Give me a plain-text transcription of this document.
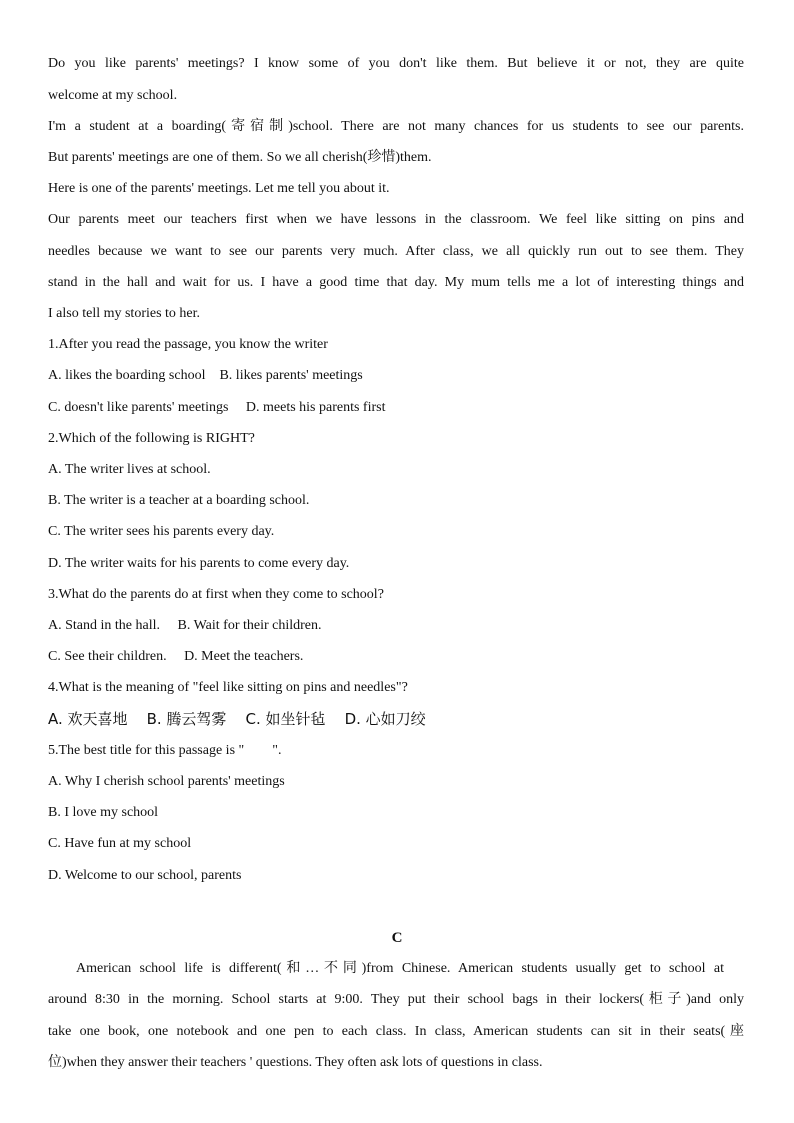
Do you like parents' meetings? I know some of you don't like them. But believe it or not, they are quite
welcome at my school.
I'm a student at a boarding(寄宿制)school. There are not many chances for us students to see our parents.
But parents' meetings are one of them. So we all cherish(珍惜)them.
Here is one of the parents' meetings. Let me tell you about it.
Our parents meet our teachers first when we have lessons in the classroom. We feel like sitting on pins and
needles because we want to see our parents very much. After class, we all quickly run out to see them. They
stand in the hall and wait for us. I have a good time that day. My mum tells me a lot of interesting things and
I also tell my stories to her.
1.After you read the passage, you know the writer
A. likes the boarding school    B. likes parents' meetings
C. doesn't like parents' meetings     D. meets his parents first
2.Which of the following is RIGHT?
A. The writer lives at school.
B. The writer is a teacher at a boarding school.
C. The writer sees his parents every day.
D. The writer waits for his parents to come every day.
3.What do the parents do at first when they come to school?
A. Stand in the hall.     B. Wait for their children.
C. See their children.     D. Meet the teachers.
4.What is the meaning of "feel like sitting on pins and needles"?
A. 欢天喜地    B. 腾云驾雾    C. 如坐针毡    D. 心如刀绞
5.The best title for this passage is "        ".
A. Why I cherish school parents' meetings
B. I love my school
C. Have fun at my school
D. Welcome to our school, parents
C
American school life is different(和…不同)from Chinese. American students usually get to school at
around 8:30 in the morning. School starts at 9:00. They put their school bags in their lockers(柜子)and only
take one book, one notebook and one pen to each class. In class, American students can sit in their seats(座
位)when they answer their teachers ' questions. They often ask lots of questions in class.
